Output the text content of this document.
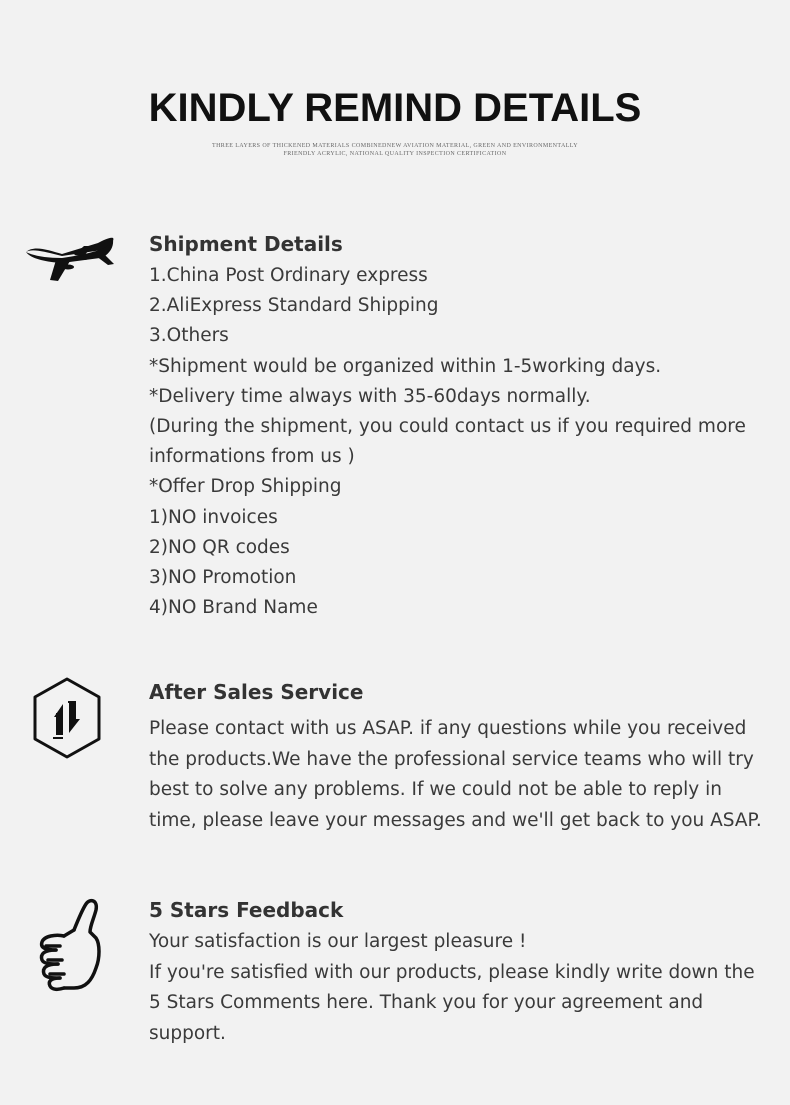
KINDLY REMIND DETAILS
THREE LAYERS OF THICKENED MATERIALS COMBINEDNEW AVIATION MATERIAL, GREEN AND ENVIRONMENTALLY
FRIENDLY ACRYLIC, NATIONAL QUALITY INSPECTION CERTIFICATION
Shipment Details
1.China Post Ordinary express
2.AliExpress Standard Shipping
3.Others
*Shipment would be organized within 1-5working days.
*Delivery time always with 35-60days normally.
(During the shipment, you could contact us if you required more
informations from us )
*Offer Drop Shipping
1)NO invoices
2)NO QR codes
3)NO Promotion
4)NO Brand Name
After Sales Service

Please contact with us ASAP. if any questions while you received the products.We have the professional service teams who will try best to solve any problems. If we could not be able to reply in time, please leave your messages and we'll get back to you ASAP.

5 Stars Feedback

Your satisfaction is our largest pleasure !

If you're satisfied with our products, please kindly write down the 5 Stars Comments here. Thank you for your agreement and support.
